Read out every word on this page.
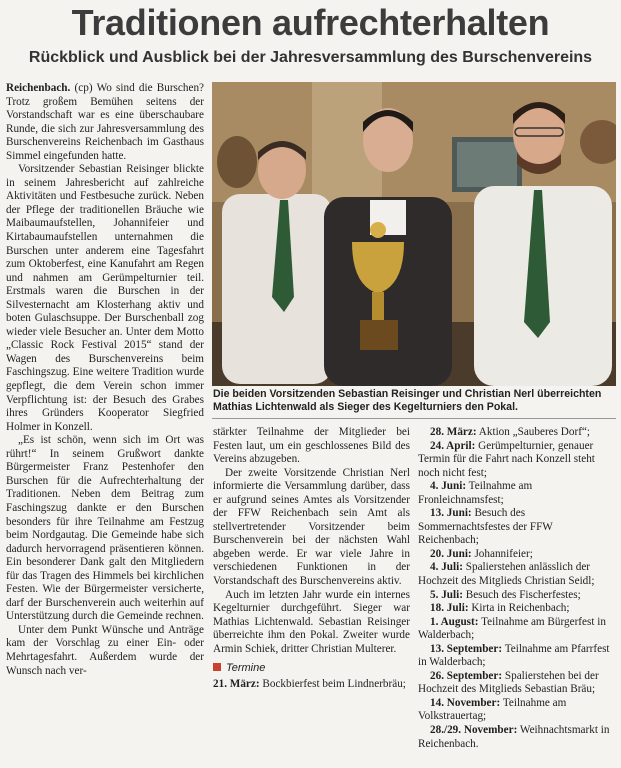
Traditionen aufrechterhalten
Rückblick und Ausblick bei der Jahresversammlung des Burschenvereins

Reichenbach. (cp) Wo sind die Burschen? Trotz großem Bemühen seitens der Vorstandschaft war es eine überschaubare Runde, die sich zur Jahresversammlung des Burschenvereins Reichenbach im Gasthaus Simmel eingefunden hatte.

Vorsitzender Sebastian Reisinger blickte in seinem Jahresbericht auf zahlreiche Aktivitäten und Festbesuche zurück. Neben der Pflege der traditionellen Bräuche wie Maibaumaufstellen, Johannifeier und Kirtabaumaufstellen unternahmen die Burschen unter anderem eine Tagesfahrt zum Oktoberfest, eine Kanufahrt am Regen und nahmen am Gerümpelturnier teil. Erstmals waren die Burschen in der Silvesternacht am Klosterhang aktiv und boten Gulaschsuppe. Der Burschenball zog wieder viele Besucher an. Unter dem Motto „Classic Rock Festival 2015“ stand der Wagen des Burschenvereins beim Faschingszug. Eine weitere Tradition wurde gepflegt, die dem Verein schon immer Verpflichtung ist: der Besuch des Grabes ihres Gründers Kooperator Siegfried Holmer in Konzell.

„Es ist schön, wenn sich im Ort was rührt!“ In seinem Grußwort dankte Bürgermeister Franz Pestenhofer den Burschen für die Aufrechterhaltung der Traditionen. Neben dem Beitrag zum Faschingszug dankte er den Burschen besonders für ihre Teilnahme am Festzug beim Nordgautag. Die Gemeinde habe sich dadurch hervorragend präsentieren können. Ein besonderer Dank galt den Mitgliedern für das Tragen des Himmels bei kirchlichen Festen. Wie der Bürgermeister versicherte, darf der Burschenverein auch weiterhin auf Unterstützung durch die Gemeinde rechnen.

Unter dem Punkt Wünsche und Anträge kam der Vorschlag zu einer Ein- oder Mehrtagesfahrt. Außerdem wurde der Wunsch nach ver-

Die beiden Vorsitzenden Sebastian Reisinger und Christian Nerl überreichten Mathias Lichtenwald als Sieger des Kegelturniers den Pokal.

stärkter Teilnahme der Mitglieder bei Festen laut, um ein geschlossenes Bild des Vereins abzugeben.

Der zweite Vorsitzende Christian Nerl informierte die Versammlung darüber, dass er aufgrund seines Amtes als Vorsitzender der FFW Reichenbach sein Amt als stellvertretender Vorsitzender beim Burschenverein bei der nächsten Wahl abgeben werde. Er war viele Jahre in verschiedenen Funktionen in der Vorstandschaft des Burschenvereins aktiv.

Auch im letzten Jahr wurde ein internes Kegelturnier durchgeführt. Sieger war Mathias Lichtenwald. Sebastian Reisinger überreichte ihm den Pokal. Zweiter wurde Armin Schiek, dritter Christian Multerer.

Termine

21. März: Bockbierfest beim Lindnerbräu;

28. März: Aktion „Sauberes Dorf“;

24. April: Gerümpelturnier, genauer Termin für die Fahrt nach Konzell steht noch nicht fest;

4. Juni: Teilnahme am Fronleichnamsfest;

13. Juni: Besuch des Sommernachtsfestes der FFW Reichenbach;

20. Juni: Johannifeier;

4. Juli: Spalierstehen anlässlich der Hochzeit des Mitglieds Christian Seidl;

5. Juli: Besuch des Fischerfestes;

18. Juli: Kirta in Reichenbach;

1. August: Teilnahme am Bürgerfest in Walderbach;

13. September: Teilnahme am Pfarrfest in Walderbach;

26. September: Spalierstehen bei der Hochzeit des Mitglieds Sebastian Bräu;

14. November: Teilnahme am Volkstrauertag;

28./29. November: Weihnachtsmarkt in Reichenbach.
